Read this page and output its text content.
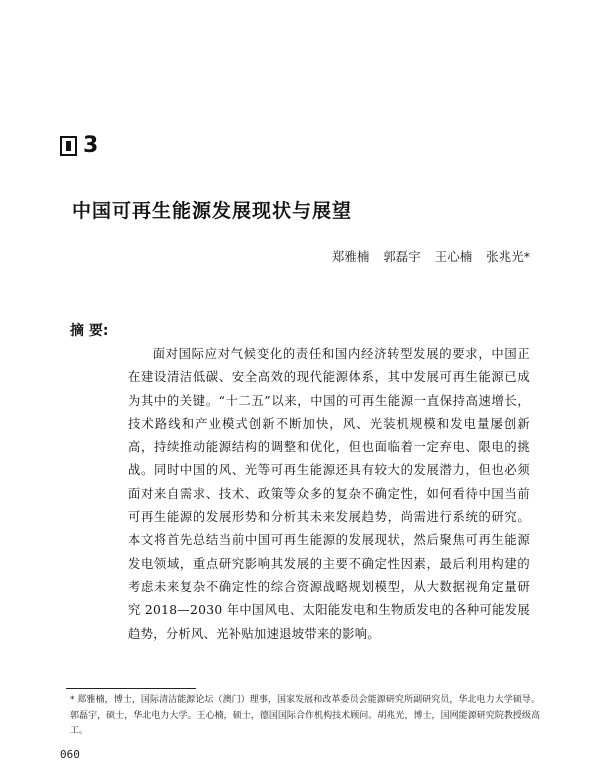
3
中国可再生能源发展现状与展望
郑雅楠 郭磊宇 王心楠 张兆光*
摘 要:

面对国际应对气候变化的责任和国内经济转型发展的要求，中国正在建设清洁低碳、安全高效的现代能源体系，其中发展可再生能源已成为其中的关键。“十二五”以来，中国的可再生能源一直保持高速增长，技术路线和产业模式创新不断加快，风、光装机规模和发电量屡创新高，持续推动能源结构的调整和优化，但也面临着一定弃电、限电的挑战。同时中国的风、光等可再生能源还具有较大的发展潜力，但也必须面对来自需求、技术、政策等众多的复杂不确定性，如何看待中国当前可再生能源的发展形势和分析其未来发展趋势，尚需进行系统的研究。本文将首先总结当前中国可再生能源的发展现状，然后聚焦可再生能源发电领域，重点研究影响其发展的主要不确定性因素，最后利用构建的考虑未来复杂不确定性的综合资源战略规划模型，从大数据视角定量研究 2018—2030 年中国风电、太阳能发电和生物质发电的各种可能发展趋势，分析风、光补贴加速退坡带来的影响。

* 郑雅楠，博士，国际清洁能源论坛（澳门）理事，国家发展和改革委员会能源研究所副研究员，华北电力大学硕导。郭磊宇，硕士，华北电力大学。王心楠，硕士，德国国际合作机构技术顾问。胡兆光，博士，国网能源研究院教授级高工。
060
